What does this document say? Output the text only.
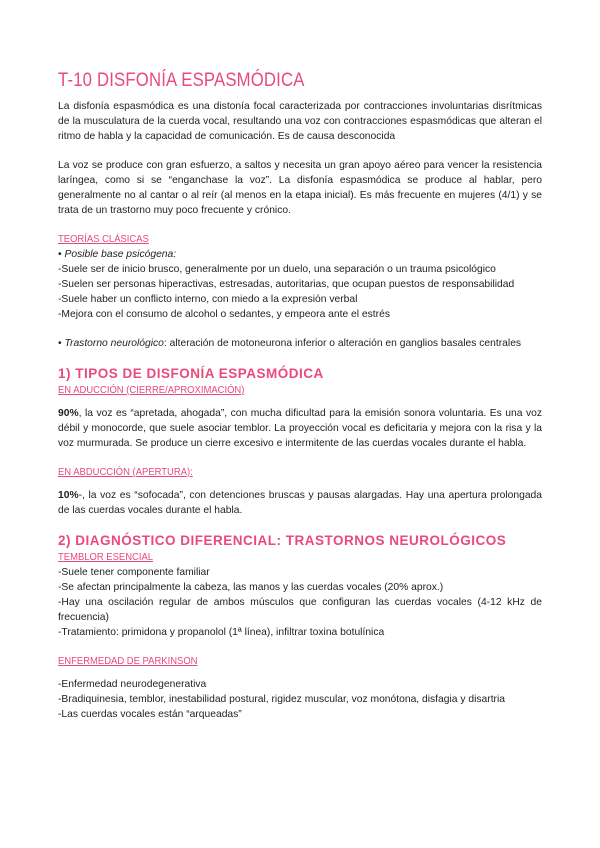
T-10 DISFONÍA ESPASMÓDICA

La disfonía espasmódica es una distonía focal caracterizada por contracciones involuntarias disrítmicas de la musculatura de la cuerda vocal, resultando una voz con contracciones espasmódicas que alteran el ritmo de habla y la capacidad de comunicación. Es de causa desconocida

La voz se produce con gran esfuerzo, a saltos y necesita un gran apoyo aéreo para vencer la resistencia laríngea, como si se “enganchase la voz”. La disfonía espasmódica se produce al hablar, pero generalmente no al cantar o al reír (al menos en la etapa inicial). Es más frecuente en mujeres (4/1) y se trata de un trastorno muy poco frecuente y crónico.

TEORÍAS CLÁSICAS
• Posible base psicógena:

-Suele ser de inicio brusco, generalmente por un duelo, una separación o un trauma psicológico

-Suelen ser personas hiperactivas, estresadas, autoritarias, que ocupan puestos de responsabilidad

-Suele haber un conflicto interno, con miedo a la expresión verbal

-Mejora con el consumo de alcohol o sedantes, y empeora ante el estrés

• Trastorno neurológico: alteración de motoneurona inferior o alteración en ganglios basales centrales

1) TIPOS DE DISFONÍA ESPASMÓDICA
EN ADUCCIÓN (CIERRE/APROXIMACIÓN)

90%, la voz es “apretada, ahogada”, con mucha dificultad para la emisión sonora voluntaria. Es una voz débil y monocorde, que suele asociar temblor. La proyección vocal es deficitaria y mejora con la risa y la voz murmurada. Se produce un cierre excesivo e intermitente de las cuerdas vocales durante el habla.

EN ABDUCCIÓN (APERTURA):

10%-, la voz es “sofocada”, con detenciones bruscas y pausas alargadas. Hay una apertura prolongada de las cuerdas vocales durante el habla.

2) DIAGNÓSTICO DIFERENCIAL: TRASTORNOS NEUROLÓGICOS
TEMBLOR ESENCIAL

-Suele tener componente familiar

-Se afectan principalmente la cabeza, las manos y las cuerdas vocales (20% aprox.)

-Hay una oscilación regular de ambos músculos que configuran las cuerdas vocales (4-12 kHz de frecuencia)

-Tratamiento: primidona y propanolol (1ª línea), infiltrar toxina botulínica

ENFERMEDAD DE PARKINSON

-Enfermedad neurodegenerativa

-Bradiquinesia, temblor, inestabilidad postural, rigidez muscular, voz monótona, disfagia y disartria

-Las cuerdas vocales están “arqueadas”
